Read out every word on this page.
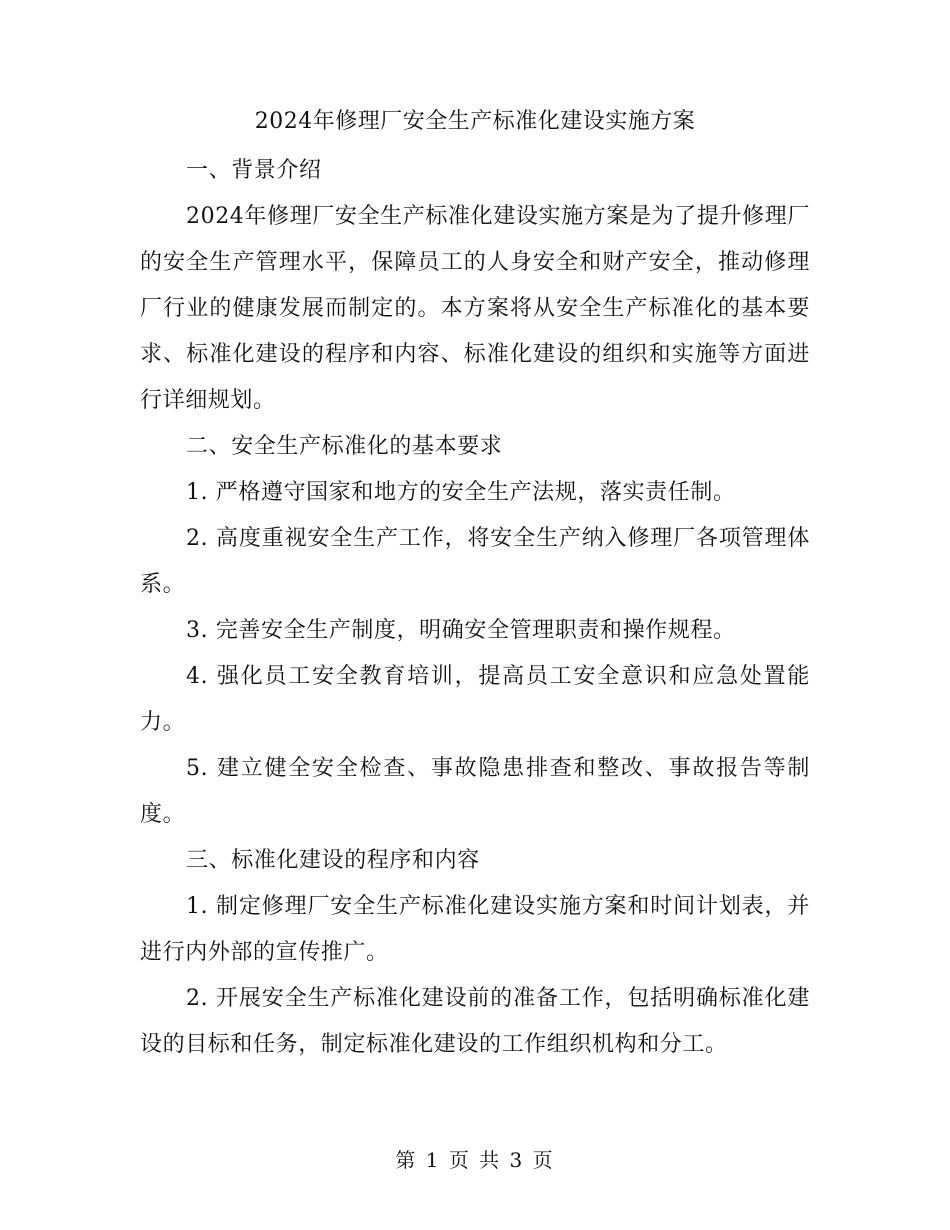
2024年修理厂安全生产标准化建设实施方案

一、背景介绍

2024年修理厂安全生产标准化建设实施方案是为了提升修理厂的安全生产管理水平，保障员工的人身安全和财产安全，推动修理厂行业的健康发展而制定的。本方案将从安全生产标准化的基本要求、标准化建设的程序和内容、标准化建设的组织和实施等方面进行详细规划。

二、安全生产标准化的基本要求

1. 严格遵守国家和地方的安全生产法规，落实责任制。

2. 高度重视安全生产工作，将安全生产纳入修理厂各项管理体系。

3. 完善安全生产制度，明确安全管理职责和操作规程。

4. 强化员工安全教育培训，提高员工安全意识和应急处置能力。

5. 建立健全安全检查、事故隐患排查和整改、事故报告等制度。

三、标准化建设的程序和内容

1. 制定修理厂安全生产标准化建设实施方案和时间计划表，并进行内外部的宣传推广。

2. 开展安全生产标准化建设前的准备工作，包括明确标准化建设的目标和任务，制定标准化建设的工作组织机构和分工。

第 1 页 共 3 页
